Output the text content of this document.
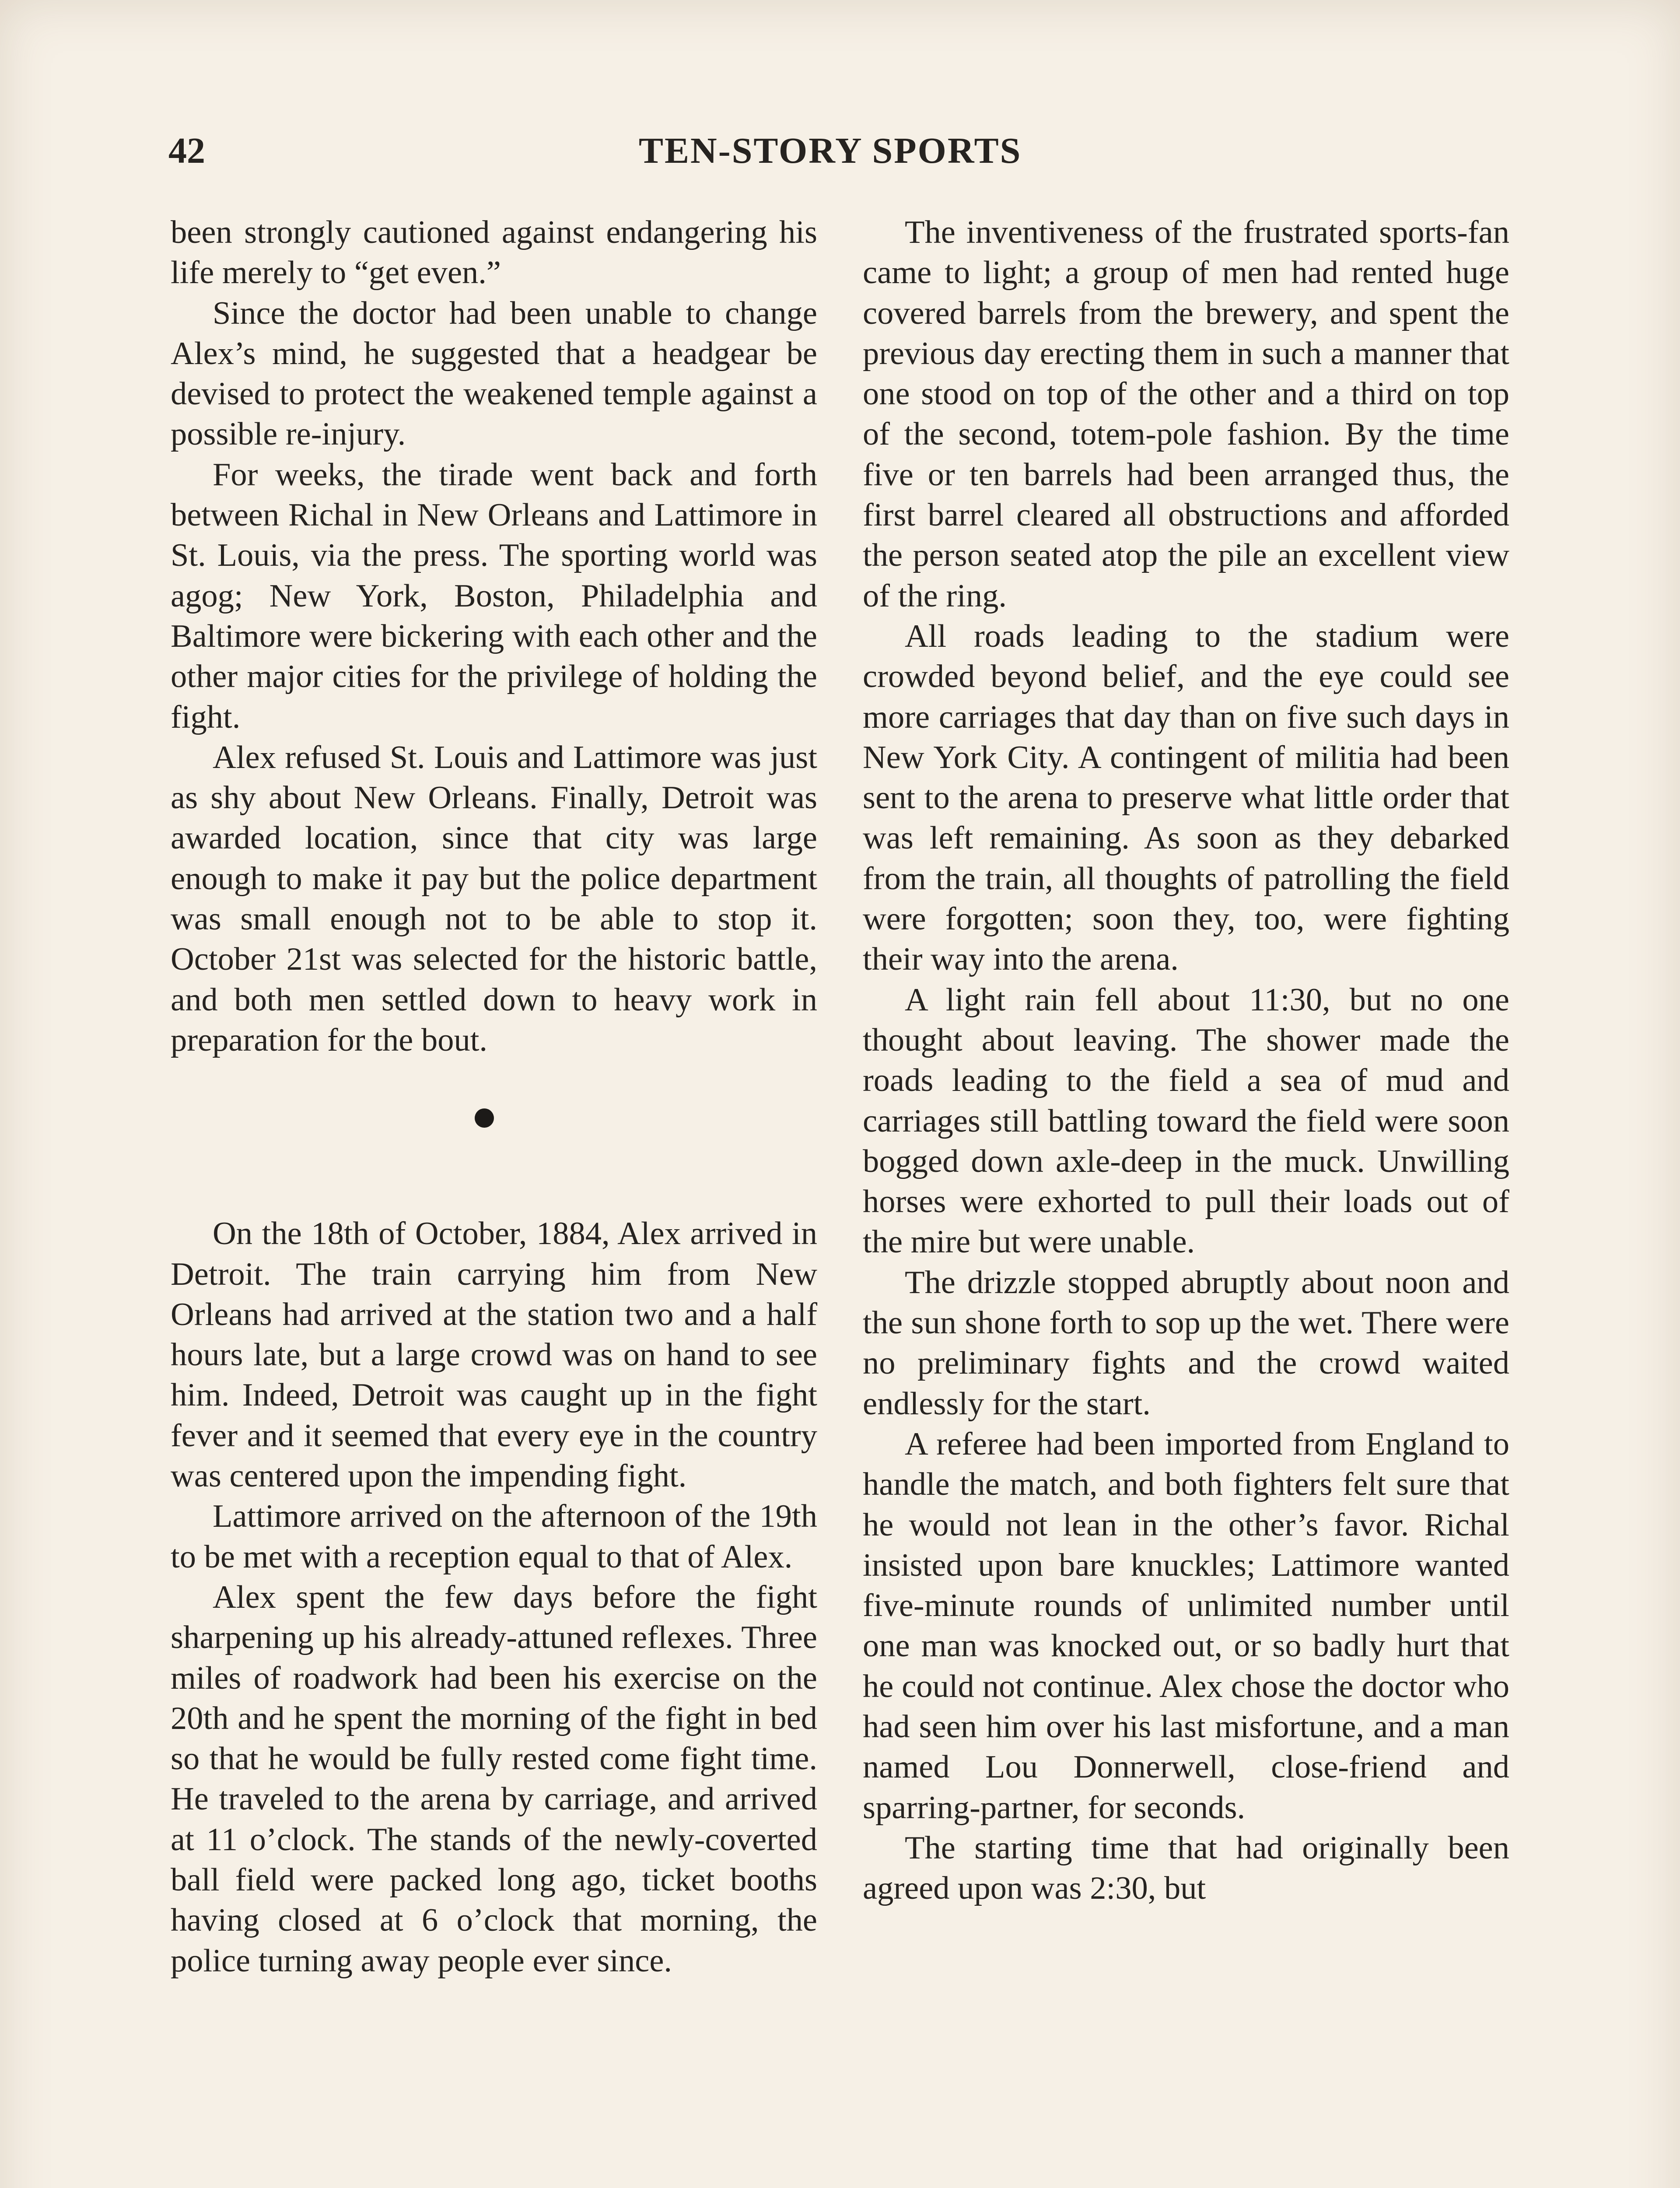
42	TEN-STORY SPORTS

been strongly cautioned against endangering his life merely to “get even.”

Since the doctor had been unable to change Alex’s mind, he suggested that a headgear be devised to protect the weakened temple against a possible re-injury.

For weeks, the tirade went back and forth between Richal in New Orleans and Lattimore in St. Louis, via the press. The sporting world was agog; New York, Boston, Philadelphia and Baltimore were bickering with each other and the other major cities for the privilege of holding the fight.

Alex refused St. Louis and Lattimore was just as shy about New Orleans. Finally, Detroit was awarded location, since that city was large enough to make it pay but the police department was small enough not to be able to stop it. October 21st was selected for the historic battle, and both men settled down to heavy work in preparation for the bout.

On the 18th of October, 1884, Alex arrived in Detroit. The train carrying him from New Orleans had arrived at the station two and a half hours late, but a large crowd was on hand to see him. Indeed, Detroit was caught up in the fight fever and it seemed that every eye in the country was centered upon the impending fight.

Lattimore arrived on the afternoon of the 19th to be met with a reception equal to that of Alex.

Alex spent the few days before the fight sharpening up his already-attuned reflexes. Three miles of roadwork had been his exercise on the 20th and he spent the morning of the fight in bed so that he would be fully rested come fight time. He traveled to the arena by carriage, and arrived at 11 o’clock. The stands of the newly-coverted ball field were packed long ago, ticket booths having closed at 6 o’clock that morning, the police turning away people ever since.

The inventiveness of the frustrated sports-fan came to light; a group of men had rented huge covered barrels from the brewery, and spent the previous day erecting them in such a manner that one stood on top of the other and a third on top of the second, totem-pole fashion. By the time five or ten barrels had been arranged thus, the first barrel cleared all obstructions and afforded the person seated atop the pile an excellent view of the ring.

All roads leading to the stadium were crowded beyond belief, and the eye could see more carriages that day than on five such days in New York City. A contingent of militia had been sent to the arena to preserve what little order that was left remaining. As soon as they debarked from the train, all thoughts of patrolling the field were forgotten; soon they, too, were fighting their way into the arena.

A light rain fell about 11:30, but no one thought about leaving. The shower made the roads leading to the field a sea of mud and carriages still battling toward the field were soon bogged down axle-deep in the muck. Unwilling horses were exhorted to pull their loads out of the mire but were unable.

The drizzle stopped abruptly about noon and the sun shone forth to sop up the wet. There were no preliminary fights and the crowd waited endlessly for the start.

A referee had been imported from England to handle the match, and both fighters felt sure that he would not lean in the other’s favor. Richal insisted upon bare knuckles; Lattimore wanted five-minute rounds of unlimited number until one man was knocked out, or so badly hurt that he could not continue. Alex chose the doctor who had seen him over his last misfortune, and a man named Lou Donnerwell, close-friend and sparring-partner, for seconds.

The starting time that had originally been agreed upon was 2:30, but
